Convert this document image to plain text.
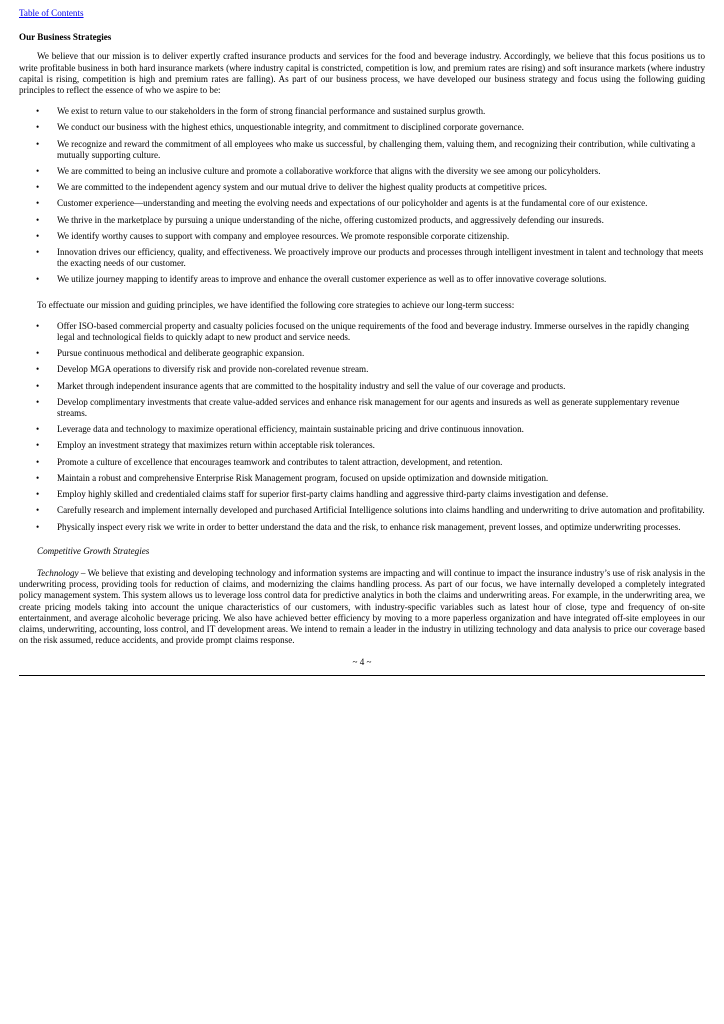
Table of Contents
Our Business Strategies

We believe that our mission is to deliver expertly crafted insurance products and services for the food and beverage industry. Accordingly, we believe that this focus positions us to write profitable business in both hard insurance markets (where industry capital is constricted, competition is low, and premium rates are rising) and soft insurance markets (where industry capital is rising, competition is high and premium rates are falling). As part of our business process, we have developed our business strategy and focus using the following guiding principles to reflect the essence of who we aspire to be:

• We exist to return value to our stakeholders in the form of strong financial performance and sustained surplus growth.
• We conduct our business with the highest ethics, unquestionable integrity, and commitment to disciplined corporate governance.
• We recognize and reward the commitment of all employees who make us successful, by challenging them, valuing them, and recognizing their contribution, while cultivating a mutually supporting culture.
• We are committed to being an inclusive culture and promote a collaborative workforce that aligns with the diversity we see among our policyholders.
• We are committed to the independent agency system and our mutual drive to deliver the highest quality products at competitive prices.
• Customer experience—understanding and meeting the evolving needs and expectations of our policyholder and agents is at the fundamental core of our existence.
• We thrive in the marketplace by pursuing a unique understanding of the niche, offering customized products, and aggressively defending our insureds.
• We identify worthy causes to support with company and employee resources. We promote responsible corporate citizenship.
• Innovation drives our efficiency, quality, and effectiveness. We proactively improve our products and processes through intelligent investment in talent and technology that meets the exacting needs of our customer.
• We utilize journey mapping to identify areas to improve and enhance the overall customer experience as well as to offer innovative coverage solutions.

To effectuate our mission and guiding principles, we have identified the following core strategies to achieve our long-term success:

• Offer ISO-based commercial property and casualty policies focused on the unique requirements of the food and beverage industry. Immerse ourselves in the rapidly changing legal and technological fields to quickly adapt to new product and service needs.
• Pursue continuous methodical and deliberate geographic expansion.
• Develop MGA operations to diversify risk and provide non-corelated revenue stream.
• Market through independent insurance agents that are committed to the hospitality industry and sell the value of our coverage and products.
• Develop complimentary investments that create value-added services and enhance risk management for our agents and insureds as well as generate supplementary revenue streams.
• Leverage data and technology to maximize operational efficiency, maintain sustainable pricing and drive continuous innovation.
• Employ an investment strategy that maximizes return within acceptable risk tolerances.
• Promote a culture of excellence that encourages teamwork and contributes to talent attraction, development, and retention.
• Maintain a robust and comprehensive Enterprise Risk Management program, focused on upside optimization and downside mitigation.
• Employ highly skilled and credentialed claims staff for superior first-party claims handling and aggressive third-party claims investigation and defense.
• Carefully research and implement internally developed and purchased Artificial Intelligence solutions into claims handling and underwriting to drive automation and profitability.
• Physically inspect every risk we write in order to better understand the data and the risk, to enhance risk management, prevent losses, and optimize underwriting processes.
Competitive Growth Strategies

Technology – We believe that existing and developing technology and information systems are impacting and will continue to impact the insurance industry’s use of risk analysis in the underwriting process, providing tools for reduction of claims, and modernizing the claims handling process. As part of our focus, we have internally developed a completely integrated policy management system. This system allows us to leverage loss control data for predictive analytics in both the claims and underwriting areas. For example, in the underwriting area, we create pricing models taking into account the unique characteristics of our customers, with industry-specific variables such as latest hour of close, type and frequency of on-site entertainment, and average alcoholic beverage pricing. We also have achieved better efficiency by moving to a more paperless organization and have integrated off-site employees in our claims, underwriting, accounting, loss control, and IT development areas. We intend to remain a leader in the industry in utilizing technology and data analysis to price our coverage based on the risk assumed, reduce accidents, and provide prompt claims response.

~ 4 ~
